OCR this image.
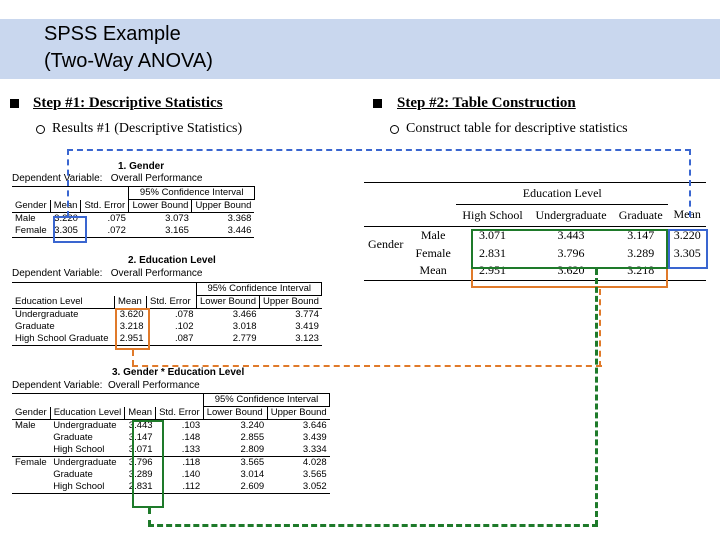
SPSS Example
(Two-Way ANOVA)
Step #1: Descriptive Statistics
Results #1 (Descriptive Statistics)
Step #2: Table Construction
Construct table for descriptive statistics
1. Gender
Dependent Variable: Overall Performance
			95% Confidence Interval	
Gender	Mean	Std. Error	Lower Bound	Upper Bound
Male	3.220	.075	3.073	3.368
Female	3.305	.072	3.165	3.446
2. Education Level
Dependent Variable: Overall Performance
			95% Confidence Interval	
Education Level	Mean	Std. Error	Lower Bound	Upper Bound
Undergraduate	3.620	.078	3.466	3.774
Graduate	3.218	.102	3.018	3.419
High School Graduate	2.951	.087	2.779	3.123
3. Gender * Education Level
Dependent Variable: Overall Performance
				95% Confidence Interval	
Gender	Education Level	Mean	Std. Error	Lower Bound	Upper Bound
Male	Undergraduate	3.443	.103	3.240	3.646
	Graduate	3.147	.148	2.855	3.439
	High School	3.071	.133	2.809	3.334
Female	Undergraduate	3.796	.118	3.565	4.028
	Graduate	3.289	.140	3.014	3.565
	High School	2.831	.112	2.609	3.052
		Education Level			
		High School	Undergraduate	Graduate	Mean
Gender	Male	3.071	3.443	3.147	3.220
	Female	2.831	3.796	3.289	3.305
	Mean	2.951	3.620	3.218	
